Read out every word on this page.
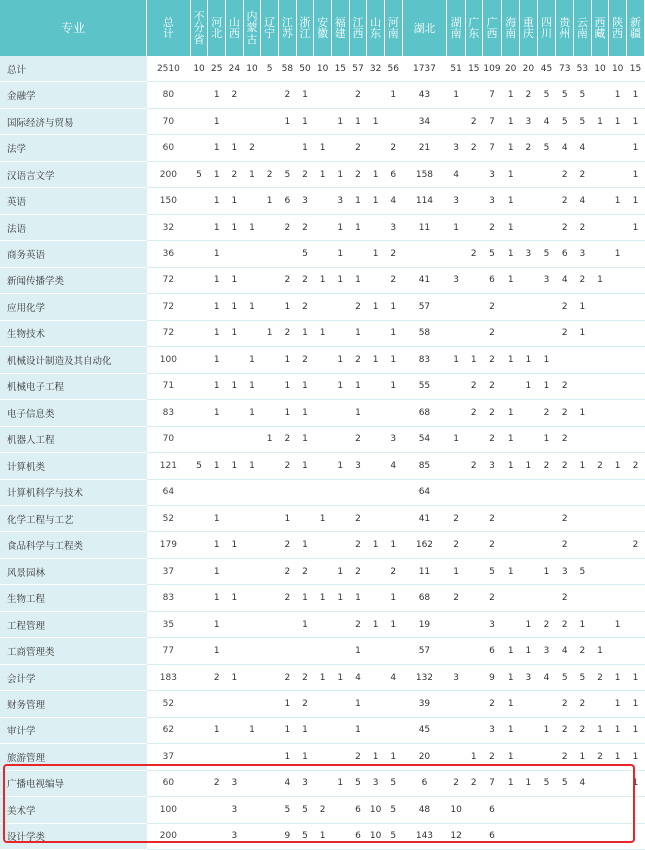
专业	总计	不分省	河北	山西	内蒙古	辽宁	江苏	浙江	安徽	福建	江西	山东	河南	湖北	湖南	广东	广西	海南	重庆	四川	贵州	云南	西藏	陕西	新疆
总计	2510	10	25	24	10	5	58	50	10	15	57	32	56	1737	51	15	109	20	20	45	73	53	10	10	15
金融学	80		1	2			2	1			2		1	43	1		7	1	2	5	5	5		1	1
国际经济与贸易	70		1				1	1		1	1	1		34		2	7	1	3	4	5	5	1	1	1
法学	60		1	1	2			1	1		2		2	21	3	2	7	1	2	5	4	4			1
汉语言文学	200	5	1	2	1	2	5	2	1	1	2	1	6	158	4		3	1			2	2			1
英语	150		1	1		1	6	3		3	1	1	4	114	3		3	1			2	4		1	1
法语	32		1	1	1		2	2		1	1		3	11	1		2	1			2	2			1
商务英语	36		1					5		1		1	2			2	5	1	3	5	6	3		1	
新闻传播学类	72		1	1			2	2	1	1	1		2	41	3		6	1		3	4	2	1		
应用化学	72		1	1	1		1	2			2	1	1	57			2				2	1			
生物技术	72		1	1		1	2	1	1		1		1	58			2				2	1			
机械设计制造及其自动化	100		1		1		1	2		1	2	1	1	83	1	1	2	1	1	1					
机械电子工程	71		1	1	1		1	1		1	1		1	55		2	2		1	1	2				
电子信息类	83		1		1		1	1			1			68		2	2	1		2	2	1			
机器人工程	70					1	2	1			2		3	54	1		2	1		1	2				
计算机类	121	5	1	1	1		2	1		1	3		4	85		2	3	1	1	2	2	1	2	1	2
计算机科学与技术	64													64											
化学工程与工艺	52		1				1		1		2			41	2		2				2				
食品科学与工程类	179		1	1			2	1			2	1	1	162	2		2				2				2
风景园林	37		1				2	2		1	2		2	11	1		5	1		1	3	5			
生物工程	83		1	1			2	1	1	1	1		1	68	2		2				2				
工程管理	35		1					1			2	1	1	19			3		1	2	2	1		1	
工商管理类	77		1								1			57			6	1	1	3	4	2	1		
会计学	183		2	1			2	2	1	1	4		4	132	3		9	1	3	4	5	5	2	1	1
财务管理	52						1	2			1			39			2	1			2	2		1	1
审计学	62		1		1		1	1			1			45			3	1		1	2	2	1	1	1
旅游管理	37						1	1			2	1	1	20		1	2	1			2	1	2	1	1
广播电视编导	60		2	3			4	3		1	5	3	5	6	2	2	7	1	1	5	5	4			1
美术学	100			3			5	5	2		6	10	5	48	10		6								
设计学类	200			3			9	5	1		6	10	5	143	12		6								
